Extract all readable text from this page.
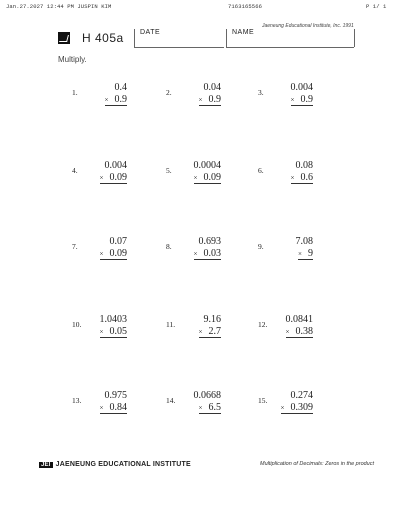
Jan.27.2027 12:44 PM JUSPIN KIM	7163165566	P 1/ 1
Jaeneung Educational Institute, Inc. 1991
H 405a DATE	NAME
Multiply.
1.	0.4
× 0.9
2.	0.04
× 0.9
3.	0.004
× 0.9
4.	0.004
× 0.09
5. 0.0004
× 0.09
6.	0.08
× 0.6
7.	0.07
× 0.09
8.	0.693
× 0.03
9.	7.08
× 9
10. 1.0403
× 0.05
11.	9.16
× 2.7
12. 0.0841
× 0.38
13. 0.975
× 0.84
14. 0.0668
× 6.5
15. 0.274
× 0.309
JEI JAENEUNG EDUCATIONAL INSTITUTE	Multiplication of Decimals: Zeros in the product
